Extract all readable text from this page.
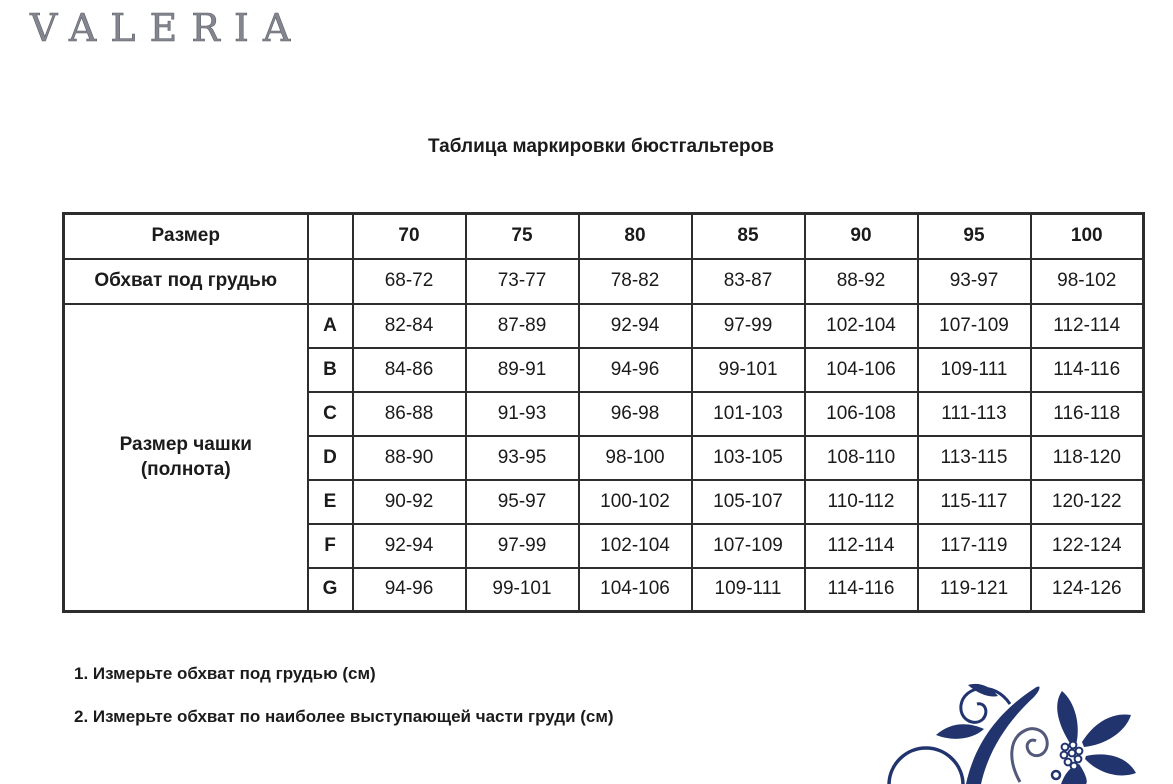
VALERIA
Таблица маркировки бюстгальтеров
Размер		70	75	80	85	90	95	100
Обхват под грудью		68-72	73-77	78-82	83-87	88-92	93-97	98-102
Размер чашки
(полнота)	A	82-84	87-89	92-94	97-99	102-104	107-109	112-114
	B	84-86	89-91	94-96	99-101	104-106	109-111	114-116
	C	86-88	91-93	96-98	101-103	106-108	111-113	116-118
	D	88-90	93-95	98-100	103-105	108-110	113-115	118-120
	E	90-92	95-97	100-102	105-107	110-112	115-117	120-122
	F	92-94	97-99	102-104	107-109	112-114	117-119	122-124
	G	94-96	99-101	104-106	109-111	114-116	119-121	124-126

1. Измерьте обхват под грудью (см)

2. Измерьте обхват по наиболее выступающей части груди (см)
